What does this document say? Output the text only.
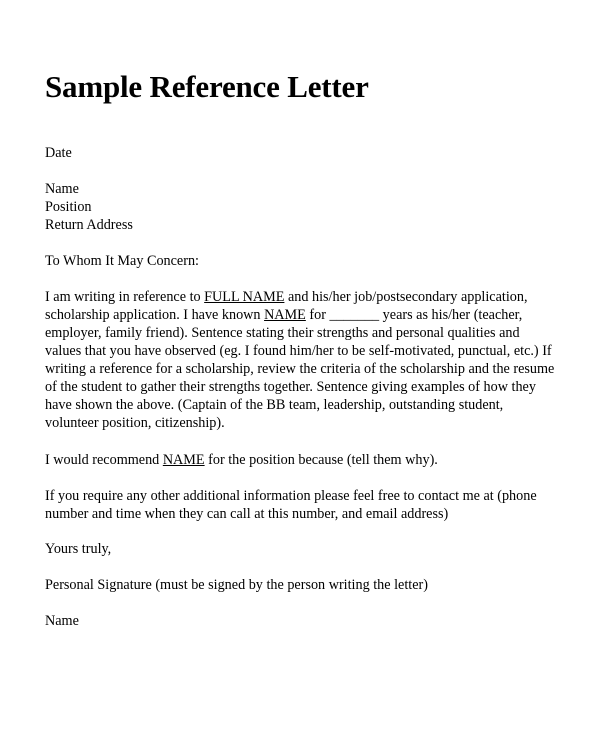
Sample Reference Letter
Date
Name
Position
Return Address
To Whom It May Concern:
I am writing in reference to FULL NAME and his/her job/postsecondary application,
scholarship application. I have known NAME for _______ years as his/her (teacher,
employer, family friend). Sentence stating their strengths and personal qualities and
values that you have observed (eg. I found him/her to be self-motivated, punctual, etc.) If
writing a reference for a scholarship, review the criteria of the scholarship and the resume
of the student to gather their strengths together. Sentence giving examples of how they
have shown the above. (Captain of the BB team, leadership, outstanding student,
volunteer position, citizenship).
I would recommend NAME for the position because (tell them why).
If you require any other additional information please feel free to contact me at (phone
number and time when they can call at this number, and email address)
Yours truly,
Personal Signature (must be signed by the person writing the letter)
Name
